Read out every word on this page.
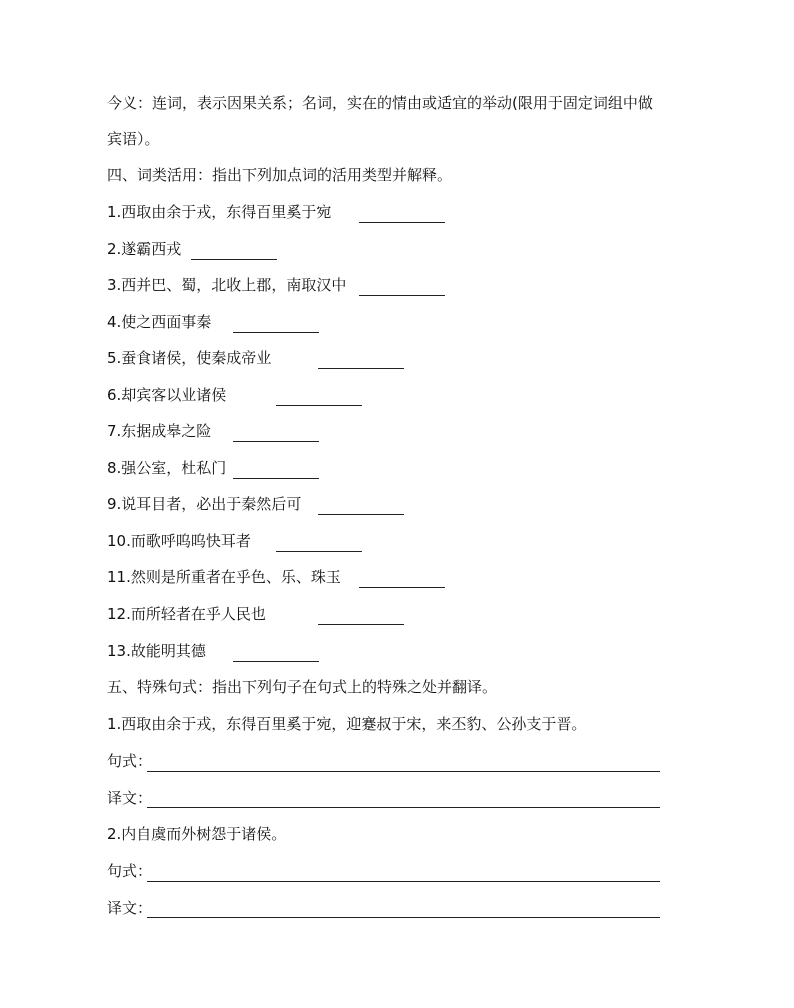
今义：连词，表示因果关系；名词，实在的情由或适宜的举动(限用于固定词组中做
宾语）。
四、词类活用：指出下列加点词的活用类型并解释。
1.西取由余于戎，东得百里奚于宛
2.遂霸西戎
3.西并巴、蜀，北收上郡，南取汉中
4.使之西面事秦
5.蚕食诸侯，使秦成帝业
6.却宾客以业诸侯
7.东据成皋之险
8.强公室，杜私门
9.说耳目者，必出于秦然后可
10.而歌呼呜呜快耳者
11.然则是所重者在乎色、乐、珠玉
12.而所轻者在乎人民也
13.故能明其德
五、特殊句式：指出下列句子在句式上的特殊之处并翻译。
1.西取由余于戎，东得百里奚于宛，迎蹇叔于宋，来丕豹、公孙支于晋。
句式：
译文：
2.内自虞而外树怨于诸侯。
句式：
译文：
